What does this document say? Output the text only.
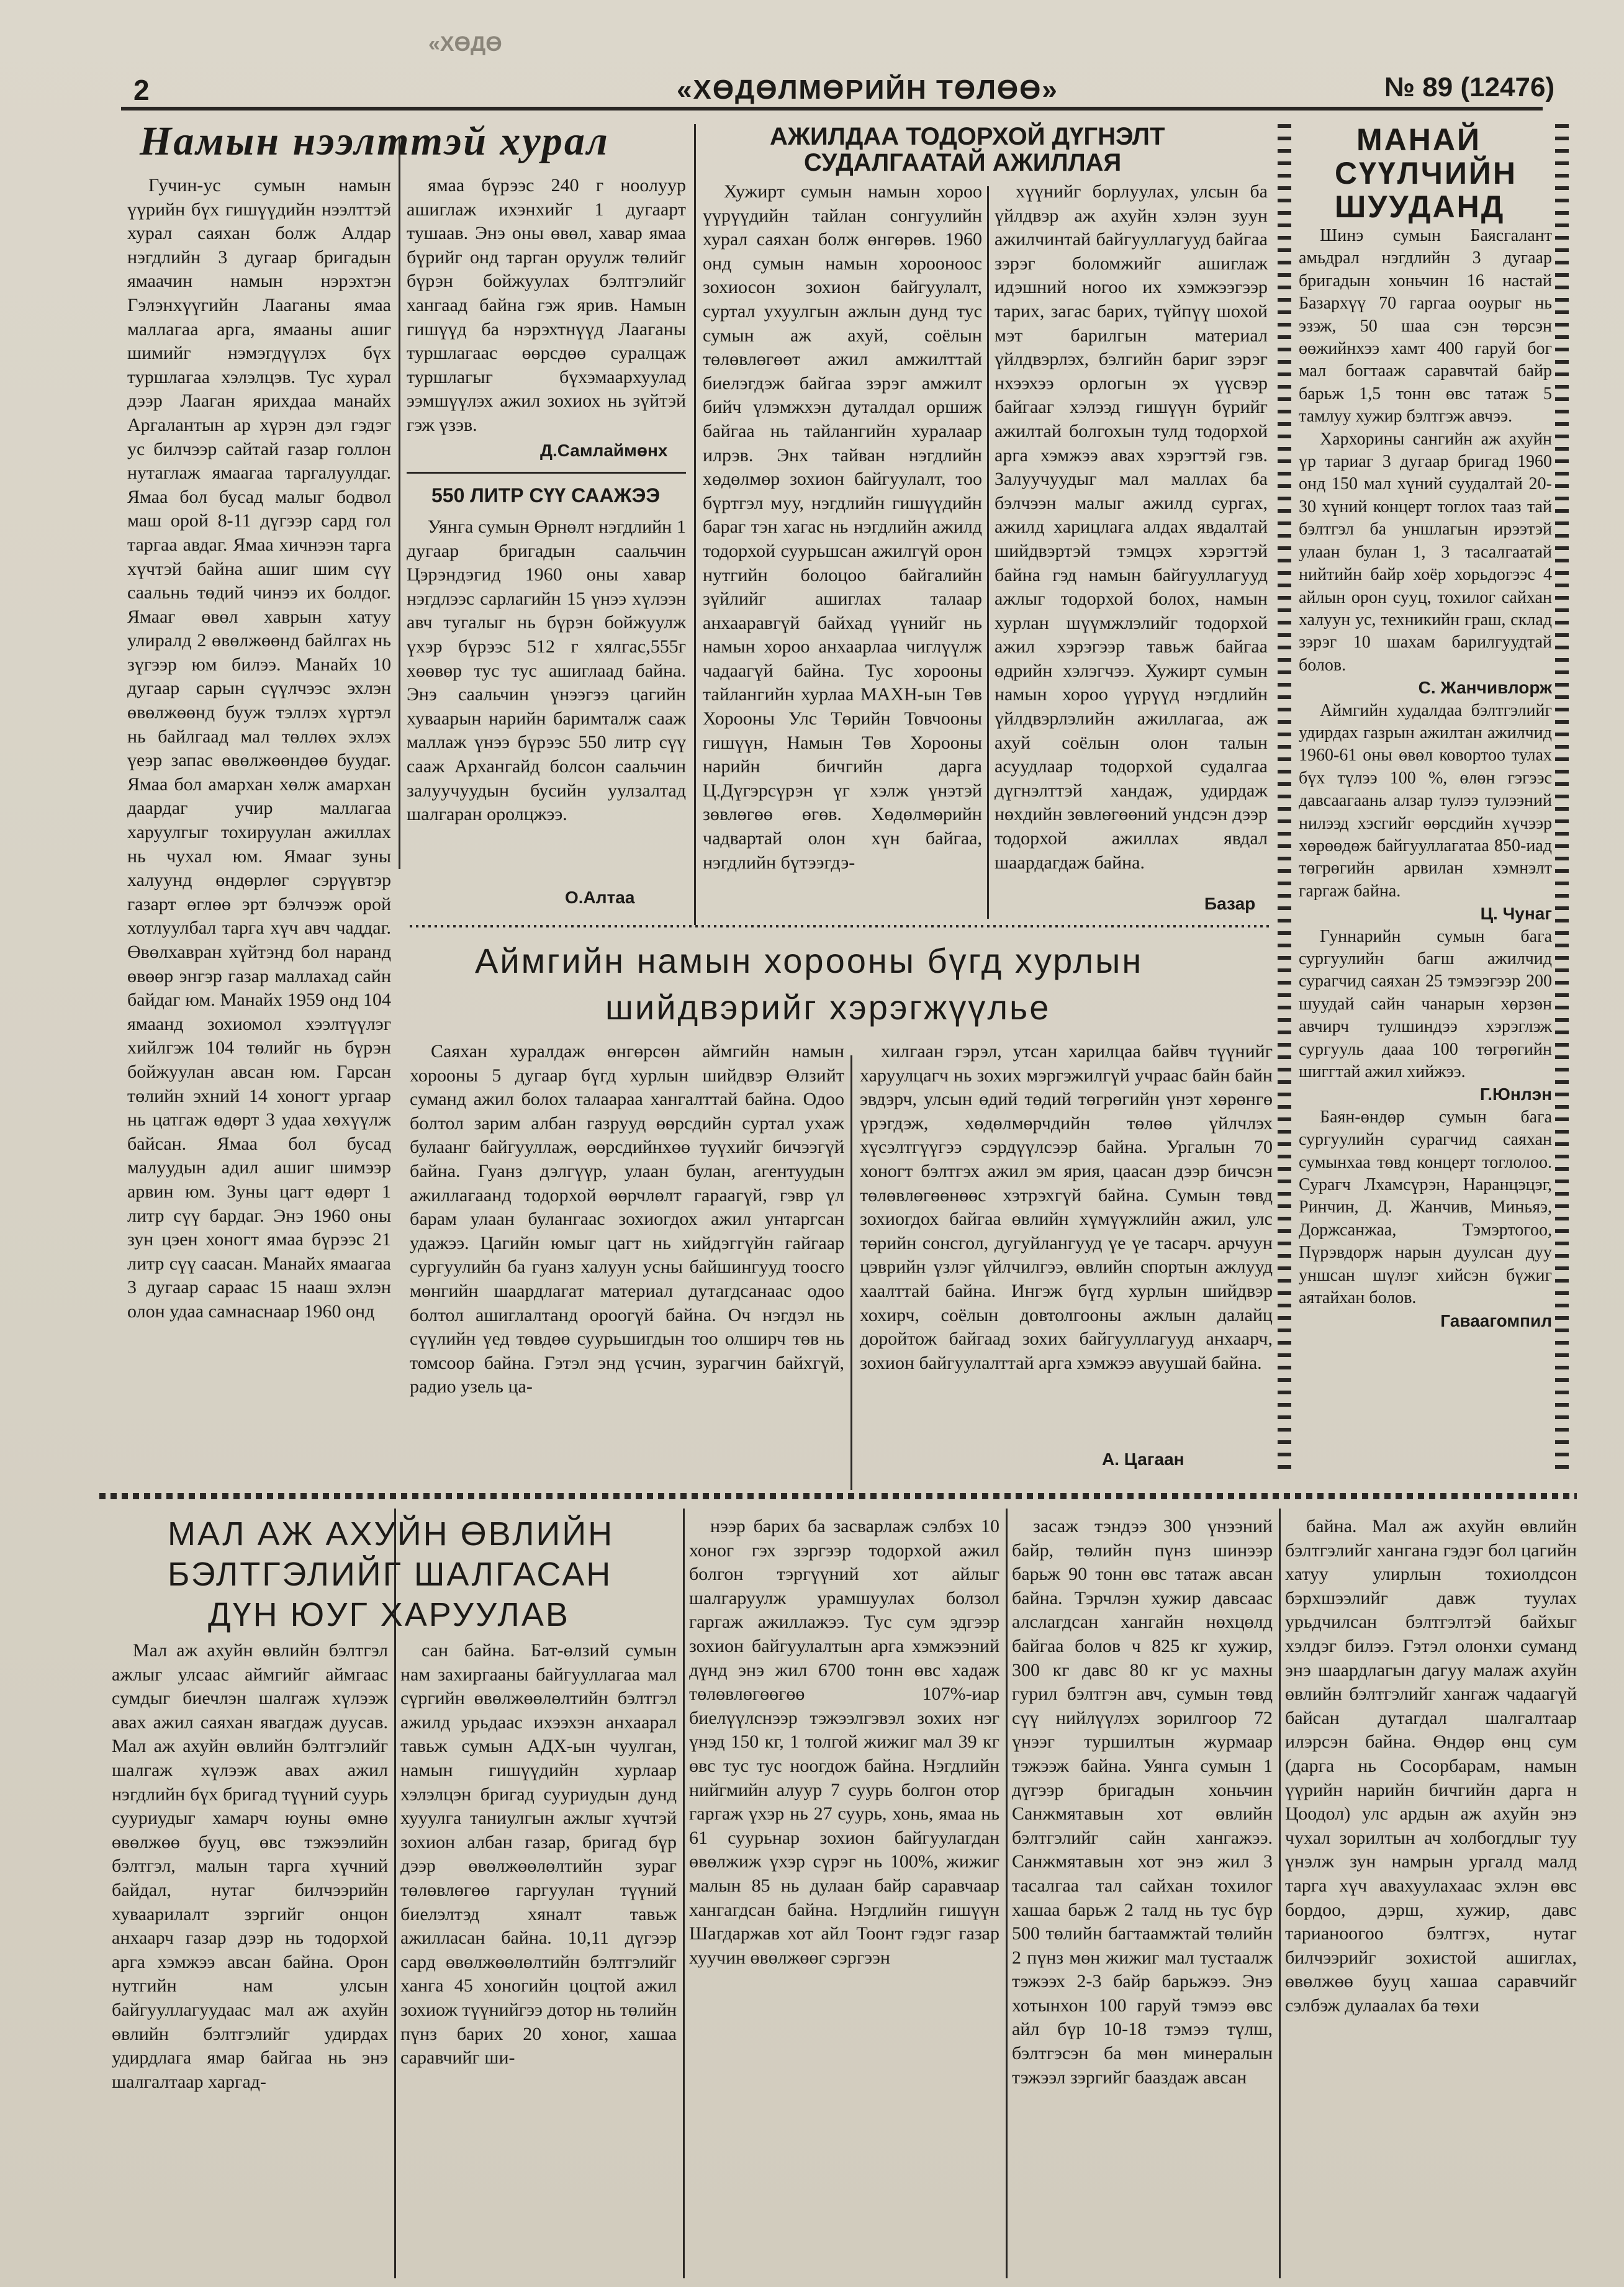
«ХӨДӨ
2	«ХӨДӨЛМӨРИЙН ТӨЛӨӨ»	№ 89 (12476)
Намын нээлттэй хурал

Гучин-ус сумын намын үүрийн бүх гишүүдийн нээлттэй хурал саяхан болж Алдар нэгдлийн 3 дугаар бригадын ямаачин намын нэрэхтэн Гэлэнхүүгийн Лааганы ямаа маллагаа арга, ямааны ашиг шимийг нэмэгдүүлэх бүх туршлагаа хэлэлцэв. Тус хурал дээр Лааган ярихдаа манайх Аргалантын ар хүрэн дэл гэдэг ус билчээр сайтай газар голлон нутаглаж ямаагаа таргалуулдаг. Ямаа бол бусад малыг бодвол маш орой 8-11 дүгээр сард гол таргаа авдаг. Ямаа хичнээн тарга хүчтэй байна ашиг шим сүү саальнь төдий чинээ их болдог. Ямааг өвөл хаврын хатуу улиралд 2 өвөлжөөнд байлгах нь зүгээр юм билээ. Манайх 10 дугаар сарын сүүлчээс эхлэн өвөлжөөнд бууж тэллэх хүртэл нь байлгаад мал төллөх эхлэх үеэр запас өвөлжөөндөө буудаг. Ямаа бол амархан хөлж амархан даардаг учир маллагаа харуулгыг тохируулан ажиллах нь чухал юм. Ямааг зуны халуунд өндөрлөг сэрүүвтэр газарт өглөө эрт бэлчээж орой хотлуулбал тарга хүч авч чаддаг. Өвөлхавран хүйтэнд бол наранд өвөөр энгэр газар маллахад сайн байдаг юм. Манайх 1959 онд 104 ямаанд зохиомол хээлтүүлэг хийлгэж 104 төлийг нь бүрэн бойжуулан авсан юм. Гарсан төлийн эхний 14 хоногт ургаар нь цатгаж өдөрт 3 удаа хөхүүлж байсан. Ямаа бол бусад малуудын адил ашиг шимээр арвин юм. Зуны цагт өдөрт 1 литр сүү бардаг. Энэ 1960 оны зун цэен хоногт ямаа бүрээс 21 литр сүү саасан. Манайх ямаагаа 3 дугаар сараас 15 нааш эхлэн олон удаа самнаснаар 1960 онд

ямаа бүрээс 240 г ноолуур ашиглаж ихэнхийг 1 дугаарт тушаав. Энэ оны өвөл, хавар ямаа бүрийг онд тарган оруулж төлийг бүрэн бойжуулах бэлтгэлийг хангаад байна гэж ярив. Намын гишүүд ба нэрэхтнүүд Лааганы туршлагаас өөрсдөө суралцаж туршлагыг бүхэмаархуулад ээмшүүлэх ажил зохиох нь зүйтэй гэж үзэв.

Д.Самлаймөнх
550 ЛИТР СҮҮ СААЖЭЭ

Уянга сумын Өрнөлт нэгдлийн 1 дугаар бригадын саальчин Цэрэндэгид 1960 оны хавар нэгдлээс сарлагийн 15 үнээ хүлээн авч тугалыг нь бүрэн бойжуулж үхэр бүрээс 512 г хялгас,555г хөөвөр тус тус ашиглаад байна. Энэ саальчин үнээгээ цагийн хуваарын нарийн баримталж сааж маллаж үнээ бүрээс 550 литр сүү сааж Архангайд болсон саальчин залуучуудын бусийн уулзалтад шалгаран оролцжээ.

О.Алтаа
АЖИЛДАА ТОДОРХОЙ ДҮГНЭЛТ
СУДАЛГААТАЙ АЖИЛЛАЯ

Хужирт сумын намын хороо үүрүүдийн тайлан сонгуулийн хурал саяхан болж өнгөрөв. 1960 онд сумын намын хорооноос зохиосон зохион байгуулалт, суртал ухуулгын ажлын дунд тус сумын аж ахуй, соёлын төлөвлөгөөт ажил амжилттай биелэгдэж байгаа зэрэг амжилт бийч үлэмжхэн дуталдал оршиж байгаа нь тайлангийн хуралаар илрэв. Энх тайван нэгдлийн хөдөлмөр зохион байгуулалт, тоо бүртгэл муу, нэгдлийн гишүүдийн бараг тэн хагас нь нэгдлийн ажилд тодорхой суурьшсан ажилгүй орон нутгийн болоцоо байгалийн зүйлийг ашиглах талаар анхааравгүй байхад үүнийг нь намын хороо анхаарлаа чиглүүлж чадаагүй байна. Тус хорооны тайлангийн хурлаа МАХН-ын Төв Хорооны Улс Төрийн Товчооны гишүүн, Намын Төв Хорооны нарийн бичгийн дарга Ц.Дүгэрсүрэн үг хэлж үнэтэй зөвлөгөө өгөв. Хөдөлмөрийн чадвартай олон хүн байгаа, нэгдлийн бүтээгдэ-

хүүнийг борлуулах, улсын ба үйлдвэр аж ахуйн хэлэн зуун ажилчинтай байгууллагууд байгаа зэрэг боломжийг ашиглаж идэшний ногоо их хэмжээгээр тарих, загас барих, түйпүү шохой мэт барилгын материал үйлдвэрлэх, бэлгийн бариг зэрэг нхээхээ орлогын эх үүсвэр байгааг хэлээд гишүүн бүрийг ажилтай болгохын тулд тодорхой арга хэмжээ авах хэрэгтэй гэв. Залуучуудыг мал маллах ба бэлчээн малыг ажилд сургах, ажилд харицлага алдах явдалтай шийдвэртэй тэмцэх хэрэгтэй байна гэд намын байгууллагууд ажлыг тодорхой болох, намын хурлан шүүмжлэлийг тодорхой ажил хэрэгээр тавьж байгаа өдрийн хэлэгчээ. Хужирт сумын намын хороо үүрүүд нэгдлийн үйлдвэрлэлийн ажиллагаа, аж ахуй соёлын олон талын асуудлаар тодорхой судалгаа дүгнэлттэй хандаж, удирдаж нөхдийн зөвлөгөөний ундсэн дээр тодорхой ажиллах явдал шаардагдаж байна.

Базар
МАНАЙ
СҮҮЛЧИЙН
ШУУДАНД

Шинэ сумын Баясгалант амьдрал нэгдлийн 3 дугаар бригадын хоньчин 16 настай Базархүү 70 гаргаа ооурыг нь эзэж, 50 шаа сэн төрсэн өөжийнхээ хамт 400 гаруй бог мал богтааж саравчтай байр барьж 1,5 тонн өвс татаж 5 тамлуу хужир бэлтгэж авчээ.

Хархорины сангийн аж ахуйн үр тариаг 3 дугаар бригад 1960 онд 150 мал хүний суудалтай 20-30 хүний концерт тоглох тааз тай бэлтгэл ба уншлагын ирээтэй улаан булан 1, 3 тасалгаатай нийтийн байр хоёр хорьдогээс 4 айлын орон сууц, тохилог сайхан халуун ус, техникийн граш, склад зэрэг 10 шахам барилгуудтай болов.

С. Жанчивлорж

Аймгийн худалдаа бэлтгэлийг удирдах газрын ажилтан ажилчид 1960-61 оны өвөл ковортоо тулах бүх түлээ 100 %, өлөн гэгээс давсаагаань алзар тулээ тулээний нилээд хэсгийг өөрсдийн хүчээр хөрөөдөж байгууллагатаа 850-иад төгрөгийн арвилан хэмнэлт гаргаж байна.

Ц. Чунаг

Гуннарийн сумын бага сургуулийн багш ажилчид сурагчид саяхан 25 тэмээгээр 200 шуудай сайн чанарын хөрзөн авчирч тулшиндээ хэрэглэж сургууль дааа 100 төгрөгийн шиггтай ажил хийжээ.

Г.Юнлэн

Баян-өндөр сумын бага сургуулийн сурагчид саяхан сумынхаа төвд концерт тоглолоо. Сурагч Лхамсүрэн, Наранцэцэг, Ринчин, Д. Жанчив, Миньяэ, Доржсанжаа, Тэмэртогоо, Пүрэвдорж нарын дуулсан дуу уншсан шүлэг хийсэн бүжиг аятайхан болов.

Гаваагомпил

Аймгийн намын хорооны бүгд хурлын
шийдвэрийг хэрэгжүүлье

Саяхан хуралдаж өнгөрсөн аймгийн намын хорооны 5 дугаар бүгд хурлын шийдвэр Өлзийт суманд ажил болох талаараа хангалттай байна. Одоо болтол зарим албан газрууд өөрсдийн суртал ухаж булаанг байгууллаж, өөрсдийнхөө туүхийг бичээгүй байна. Гуанз дэлгүүр, улаан булан, агентуудын ажиллагаанд тодорхой өөрчлөлт гараагүй, гэвр үл барам улаан булангаас зохиогдох ажил унтаргсан удажээ. Цагийн юмыг цагт нь хийдэггүйн гайгаар сургуулийн ба гуанз халуун усны байшингууд тоосго мөнгийн шаардлагат материал дутагдсанаас одоо болтол ашиглалтанд ороогүй байна. Оч нэгдэл нь сүүлийн үед төвдөө суурьшигдын тоо олширч төв нь томсоор байна. Гэтэл энд үсчин, зурагчин байхгүй, радио узель ца-

хилгаан гэрэл, утсан харилцаа байвч түүнийг харуулцагч нь зохих мэргэжилгүй учраас байн байн эвдэрч, улсын өдий төдий төгрөгийн үнэт хөрөнгө үрэгдэж, хөдөлмөрчдийн төлөө үйлчлэх хүсэлтгүүгээ сэрдүүлсээр байна. Ургалын 70 хоногт бэлтгэх ажил эм ярия, цаасан дээр бичсэн төлөвлөгөөнөөс хэтрэхгүй байна. Сумын төвд зохиогдох байгаа өвлийн хүмүүжлийн ажил, улс төрийн сонсгол, дугуйлангууд үе үе тасарч. арчуун цэврийн үзлэг үйлчилгээ, өвлийн спортын ажлууд хаалттай байна. Ингэж бүгд хурлын шийдвэр хохирч, соёлын довтолгооны ажлын далайц доройтож байгаад зохих байгууллагууд анхаарч, зохион байгуулалттай арга хэмжээ авуушай байна.

А. Цагаан
МАЛ АЖ АХУЙН ӨВЛИЙН
БЭЛТГЭЛИЙГ ШАЛГАСАН
ДҮН ЮУГ ХАРУУЛАВ

Мал аж ахуйн өвлийн бэлтгэл ажлыг улсаас аймгийг аймгаас сумдыг биечлэн шалгаж хүлээж авах ажил саяхан явагдаж дуусав. Мал аж ахуйн өвлийн бэлтгэлийг шалгаж хүлээж авах ажил нэгдлийн бүх бригад түүний суурь сууриудыг хамарч юуны өмнө өвөлжөө бууц, өвс тэжээлийн бэлтгэл, малын тарга хүчний байдал, нутаг билчээрийн хуваарилалт зэргийг онцон анхаарч газар дээр нь тодорхой арга хэмжээ авсан байна. Орон нутгийн нам улсын байгууллагуудаас мал аж ахуйн өвлийн бэлтгэлийг удирдах удирдлага ямар байгаа нь энэ шалгалтаар харгад-

сан байна. Бат-өлзий сумын нам захиргааны байгууллагаа мал сүргийн өвөлжөөлөлтийн бэлтгэл ажилд урьдаас ихээхэн анхаарал тавьж сумын АДХ-ын чуулган, намын гишүүдийн хурлаар хэлэлцэн бригад сууриудын дунд хууулга таниулгын ажлыг хүчтэй зохион албан газар, бригад бүр дээр өвөлжөөлөлтийн зураг төлөвлөгөө гаргуулан түүний биелэлтэд хяналт тавьж ажилласан байна. 10,11 дүгээр сард өвөлжөөлөлтийн бэлтгэлийг ханга 45 хоногийн цоцтой ажил зохиож түүнийгээ дотор нь төлийн пүнз барих 20 хоног, хашаа саравчийг ши-

нээр барих ба засварлаж сэлбэх 10 хоног гэх зэргээр тодорхой ажил болгон тэргүүний хот айлыг шалгаруулж урамшуулах болзол гаргаж ажиллажээ. Тус сум эдгээр зохион байгуулалтын арга хэмжээний дүнд энэ жил 6700 тонн өвс хадаж төлөвлөгөөгөө 107%-иар биелүүлснээр тэжээлгэвэл зохих нэг үнэд 150 кг, 1 толгой жижиг мал 39 кг өвс тус тус ноогдож байна. Нэгдлийн нийгмийн алуур 7 суурь болгон отор гаргаж үхэр нь 27 суурь, хонь, ямаа нь 61 суурьнар зохион байгуулагдан өвөлжиж үхэр сүрэг нь 100%, жижиг малын 85 нь дулаан байр саравчаар хангагдсан байна. Нэгдлийн гишүүн Шагдаржав хот айл Тоонт гэдэг газар хуучин өвөлжөөг сэргээн

засаж тэндээ 300 үнээний байр, төлийн пүнз шинээр барьж 90 тонн өвс татаж авсан байна. Тэрчлэн хужир давсаас алслагдсан хангайн нөхцөлд байгаа болов ч 825 кг хужир, 300 кг давс 80 кг ус махны гурил бэлтгэн авч, сумын төвд сүү нийлүүлэх зорилгоор 72 үнээг туршилтын журмаар тэжээж байна. Уянга сумын 1 дүгээр бригадын хоньчин Санжмятавын хот өвлийн бэлтгэлийг сайн хангажээ. Санжмятавын хот энэ жил 3 тасалгаа тал сайхан тохилог хашаа барьж 2 талд нь тус бүр 500 төлийн багтаамжтай төлийн 2 пүнз мөн жижиг мал тустаалж тэжээх 2-3 байр барьжээ. Энэ хотынхон 100 гаруй тэмээ өвс айл бүр 10-18 тэмээ түлш, бэлтгэсэн ба мөн минералын тэжээл зэргийг бааздаж авсан

байна. Мал аж ахуйн өвлийн бэлтгэлийг хангана гэдэг бол цагийн хатуу улирлын тохиолдсон бэрхшээлийг давж туулах урьдчилсан бэлтгэлтэй байхыг хэлдэг билээ. Гэтэл олонхи суманд энэ шаардлагын дагуу малаж ахуйн өвлийн бэлтгэлийг хангаж чадаагүй байсан дутагдал шалгалтаар илэрсэн байна. Өндөр өнц сум (дарга нь Сосорбарам, намын үүрийн нарийн бичгийн дарга н Цоодол) улс ардын аж ахуйн энэ чухал зорилтын ач холбогдлыг туу үнэлж зун намрын ургалд малд тарга хүч авахуулахаас эхлэн өвс бордоо, дэрш, хужир, давс тарианоогоо бэлтгэх, нутаг билчээрийг зохистой ашиглах, өвөлжөө бууц хашаа саравчийг сэлбэж дулаалах ба төхи
